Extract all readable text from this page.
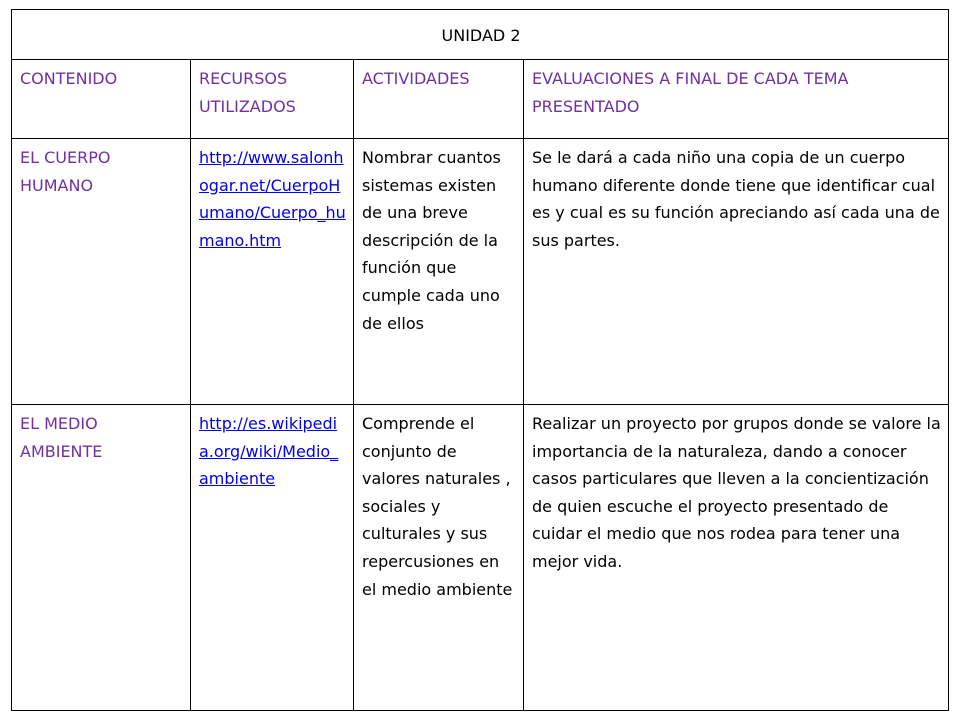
UNIDAD 2			
CONTENIDO	RECURSOS UTILIZADOS	ACTIVIDADES	EVALUACIONES A FINAL DE CADA TEMA PRESENTADO
EL CUERPO HUMANO	http://www.salonhogar.net/CuerpoHumano/Cuerpo_humano.htm	Nombrar cuantos sistemas existen de una breve descripción de la función que cumple cada uno de ellos	Se le dará a cada niño una copia de un cuerpo humano diferente donde tiene que identificar cual es y cual es su función apreciando así cada una de sus partes.
EL MEDIO AMBIENTE	http://es.wikipedia.org/wiki/Medio_ambiente	Comprende el conjunto de valores naturales , sociales y culturales y sus repercusiones en el medio ambiente	Realizar un proyecto por grupos donde se valore la importancia de la naturaleza, dando a conocer casos particulares que lleven a la concientización de quien escuche el proyecto presentado de cuidar el medio que nos rodea para tener una mejor vida.
